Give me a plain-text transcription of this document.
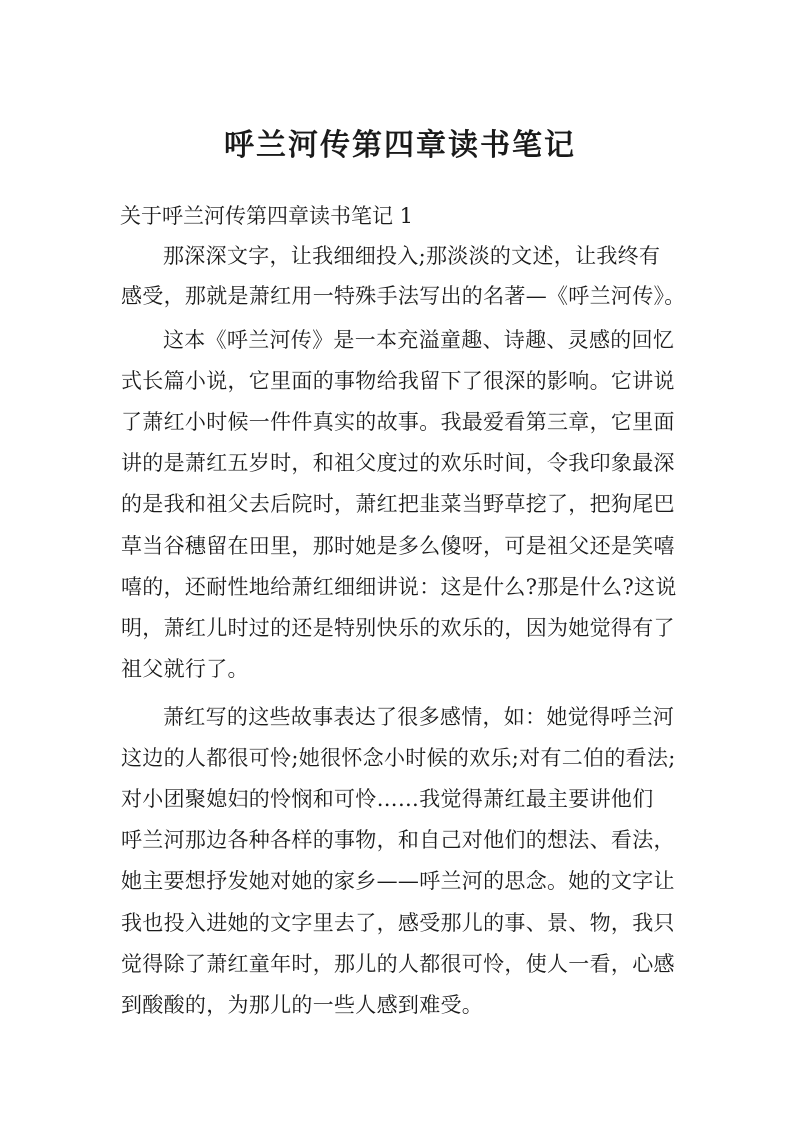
呼兰河传第四章读书笔记
关于呼兰河传第四章读书笔记 1
那深深文字，让我细细投入;那淡淡的文述，让我终有
感受，那就是萧红用一特殊手法写出的名著—《呼兰河传》。
这本《呼兰河传》是一本充溢童趣、诗趣、灵感的回忆
式长篇小说，它里面的事物给我留下了很深的影响。它讲说
了萧红小时候一件件真实的故事。我最爱看第三章，它里面
讲的是萧红五岁时，和祖父度过的欢乐时间，令我印象最深
的是我和祖父去后院时，萧红把韭菜当野草挖了，把狗尾巴
草当谷穗留在田里，那时她是多么傻呀，可是祖父还是笑嘻
嘻的，还耐性地给萧红细细讲说：这是什么?那是什么?这说
明，萧红儿时过的还是特别快乐的欢乐的，因为她觉得有了
祖父就行了。
萧红写的这些故事表达了很多感情，如：她觉得呼兰河
这边的人都很可怜;她很怀念小时候的欢乐;对有二伯的看法;
对小团聚媳妇的怜悯和可怜……我觉得萧红最主要讲他们
呼兰河那边各种各样的事物，和自己对他们的想法、看法，
她主要想抒发她对她的家乡——呼兰河的思念。她的文字让
我也投入进她的文字里去了，感受那儿的事、景、物，我只
觉得除了萧红童年时，那儿的人都很可怜，使人一看，心感
到酸酸的，为那儿的一些人感到难受。
